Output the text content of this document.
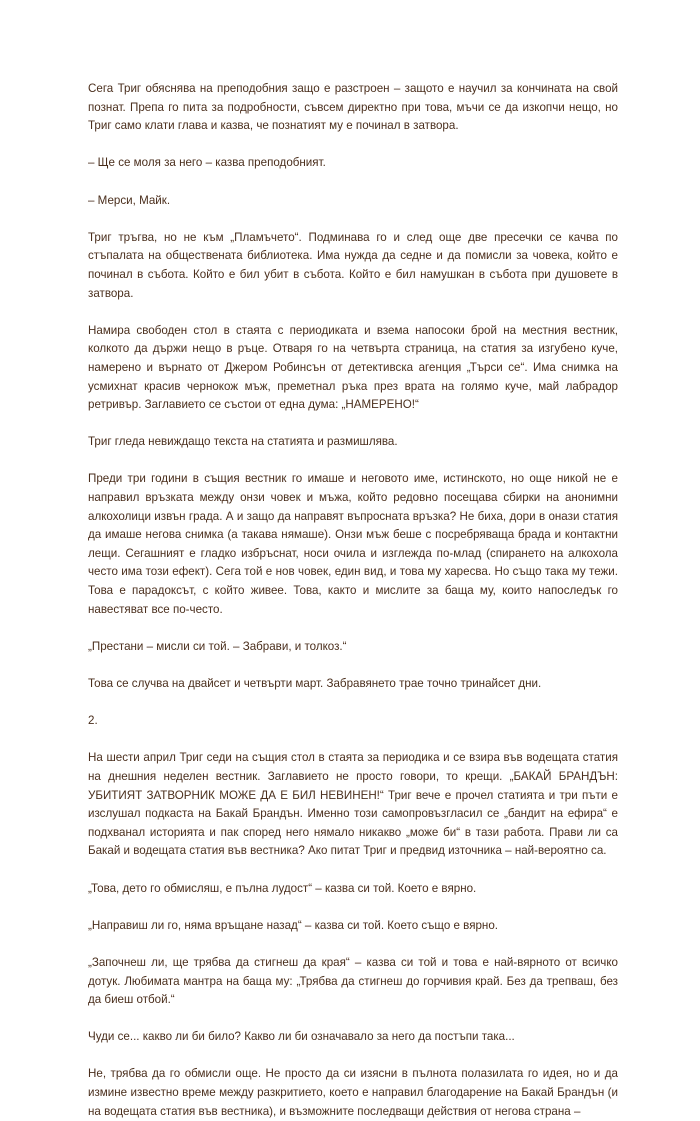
Сега Триг обяснява на преподобния защо е разстроен – защото е научил за кончината на свой познат. Препа го пита за подробности, съвсем директно при това, мъчи се да изкопчи нещо, но Триг само клати глава и казва, че познатият му е починал в затвора.

– Ще се моля за него – казва преподобният.

– Мерси, Майк.

Триг тръгва, но не към „Пламъчето“. Подминава го и след още две пресечки се качва по стъпалата на обществената библиотека. Има нужда да седне и да помисли за човека, който е починал в събота. Който е бил убит в събота. Който е бил намушкан в събота при душовете в затвора.

Намира свободен стол в стаята с периодиката и взема напосоки брой на местния вестник, колкото да държи нещо в ръце. Отваря го на четвърта страница, на статия за изгубено куче, намерено и върнато от Джером Робинсън от детективска агенция „Търси се“. Има снимка на усмихнат красив чернокож мъж, преметнал ръка през врата на голямо куче, май лабрадор ретривър. Заглавието се състои от една дума: „НАМЕРЕНО!“

Триг гледа невиждащо текста на статията и размишлява.

Преди три години в същия вестник го имаше и неговото име, истинското, но още никой не е направил връзката между онзи човек и мъжа, който редовно посещава сбирки на анонимни алкохолици извън града. А и защо да направят въпросната връзка? Не биха, дори в онази статия да имаше негова снимка (а такава нямаше). Онзи мъж беше с посребряваща брада и контактни лещи. Сегашният е гладко избръснат, носи очила и изглежда по-млад (спирането на алкохола често има този ефект). Сега той е нов човек, един вид, и това му харесва. Но също така му тежи. Това е парадоксът, с който живее. Това, както и мислите за баща му, които напоследък го навестяват все по-често.

„Престани – мисли си той. – Забрави, и толкоз.“

Това се случва на двайсет и четвърти март. Забравянето трае точно тринайсет дни.

2.

На шести април Триг седи на същия стол в стаята за периодика и се взира във водещата статия на днешния неделен вестник. Заглавието не просто говори, то крещи. „БАКАЙ БРАНДЪН: УБИТИЯТ ЗАТВОРНИК МОЖЕ ДА Е БИЛ НЕВИНЕН!“ Триг вече е прочел статията и три пъти е изслушал подкаста на Бакай Брандън. Именно този самопровъзгласил се „бандит на ефира“ е подхванал историята и пак според него нямало никакво „може би“ в тази работа. Прави ли са Бакай и водещата статия във вестника? Ако питат Триг и предвид източника – най-вероятно са.

„Това, дето го обмисляш, е пълна лудост“ – казва си той. Което е вярно.

„Направиш ли го, няма връщане назад“ – казва си той. Което също е вярно.

„Започнеш ли, ще трябва да стигнеш да края“ – казва си той и това е най-вярното от всичко дотук. Любимата мантра на баща му: „Трябва да стигнеш до горчивия край. Без да трепваш, без да биеш отбой.“

Чуди се... какво ли би било? Какво ли би означавало за него да постъпи така...

Не, трябва да го обмисли още. Не просто да си изясни в пълнота полазилата го идея, но и да измине известно време между разкритието, което е направил благодарение на Бакай Брандън (и на водещата статия във вестника), и възможните последващи действия от негова страна –
